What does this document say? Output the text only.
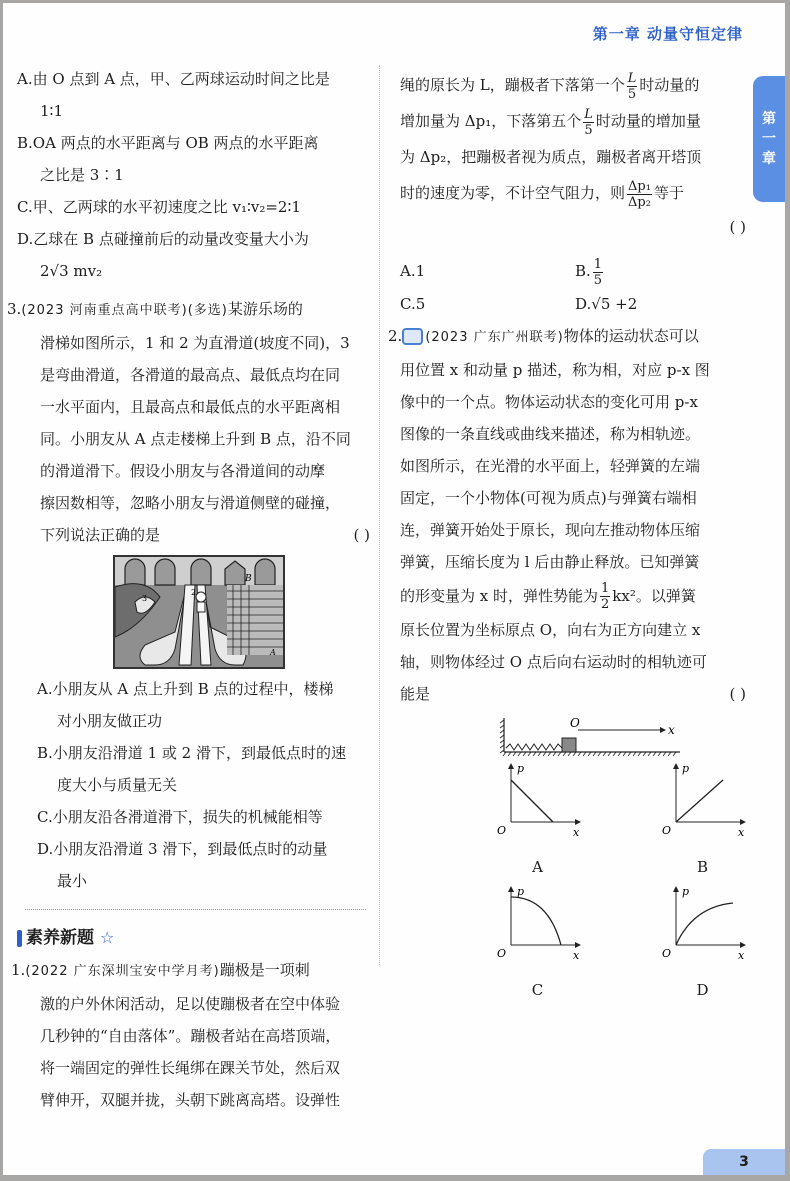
第一章 动量守恒定律
第
一
章
A.由 O 点到 A 点，甲、乙两球运动时间之比是
1∶1
B.OA 两点的水平距离与 OB 两点的水平距离
之比是 3∶1
C.甲、乙两球的水平初速度之比 v₁∶v₂=2∶1
D.乙球在 B 点碰撞前后的动量改变量大小为
2√3 mv₂
3.(2023 河南重点高中联考)(多选)某游乐场的
滑梯如图所示，1 和 2 为直滑道(坡度不同)，3
是弯曲滑道，各滑道的最高点、最低点均在同
一水平面内，且最高点和最低点的水平距离相
同。小朋友从 A 点走楼梯上升到 B 点，沿不同
的滑道滑下。假设小朋友与各滑道间的动摩
擦因数相等，忽略小朋友与滑道侧壁的碰撞，
下列说法正确的是	( )
3
2
B
A
A.小朋友从 A 点上升到 B 点的过程中，楼梯
对小朋友做正功
B.小朋友沿滑道 1 或 2 滑下，到最低点时的速
度大小与质量无关
C.小朋友沿各滑道滑下，损失的机械能相等
D.小朋友沿滑道 3 滑下，到最低点时的动量
最小
素养新题 ☆
1.(2022 广东深圳宝安中学月考)蹦极是一项刺
激的户外休闲活动，足以使蹦极者在空中体验
几秒钟的“自由落体”。蹦极者站在高塔顶端，
将一端固定的弹性长绳绑在踝关节处，然后双
臂伸开，双腿并拢，头朝下跳离高塔。设弹性
绳的原长为 L，蹦极者下落第一个 $\frac{L}{5}$ 时动量的
增加量为 Δp₁，下落第五个 $\frac{L}{5}$ 时动量的增加量
为 Δp₂，把蹦极者视为质点，蹦极者离开塔顶
时的速度为零，不计空气阻力，则 $\frac{\text{Δp₁}}{\text{Δp₂}}$ 等于
( )
A.1	B. $\frac{1}{5}$
C.5	D.√5 +2
2. (2023 广东广州联考)物体的运动状态可以
用位置 x 和动量 p 描述，称为相，对应 p-x 图
像中的一个点。物体运动状态的变化可用 p-x
图像的一条直线或曲线来描述，称为相轨迹。
如图所示，在光滑的水平面上，轻弹簧的左端
固定，一个小物体(可视为质点)与弹簧右端相
连，弹簧开始处于原长，现向左推动物体压缩
弹簧，压缩长度为 l 后由静止释放。已知弹簧
的形变量为 x 时，弹性势能为 $\frac{1}{2} kx^2$。以弹簧
原长位置为坐标原点 O，向右为正方向建立 x
轴，则物体经过 O 点后向右运动时的相轨迹可
能是	( )
O	x
p
x
O
A
p
x
O
B
p
x
O
C
p
x
O
D
3
